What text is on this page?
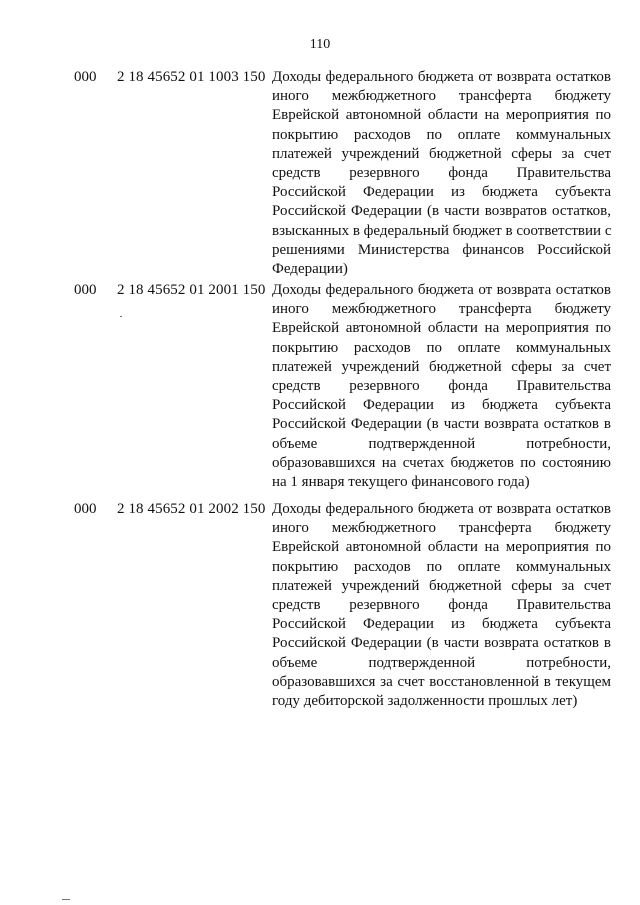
110
000 2 18 45652 01 1003 150 Доходы федерального бюджета от возврата остатков
иного межбюджетного трансферта бюджету
Еврейской автономной области на мероприятия по
покрытию расходов по оплате коммунальных
платежей учреждений бюджетной сферы за счет
средств резервного фонда Правительства
Российской Федерации из бюджета субъекта
Российской Федерации (в части возвратов остатков,
взысканных в федеральный бюджет в соответствии с
решениями Министерства финансов Российской
Федерации)
000 2 18 45652 01 2001 150 Доходы федерального бюджета от возврата остатков
иного межбюджетного трансферта бюджету
Еврейской автономной области на мероприятия по
покрытию расходов по оплате коммунальных
платежей учреждений бюджетной сферы за счет
средств резервного фонда Правительства
Российской Федерации из бюджета субъекта
Российской Федерации (в части возврата остатков в
объеме подтвержденной потребности,
образовавшихся на счетах бюджетов по состоянию
на 1 января текущего финансового года)
000 2 18 45652 01 2002 150 Доходы федерального бюджета от возврата остатков
иного межбюджетного трансферта бюджету
Еврейской автономной области на мероприятия по
покрытию расходов по оплате коммунальных
платежей учреждений бюджетной сферы за счет
средств резервного фонда Правительства
Российской Федерации из бюджета субъекта
Российской Федерации (в части возврата остатков в
объеме подтвержденной потребности,
образовавшихся за счет восстановленной в текущем
году дебиторской задолженности прошлых лет)
